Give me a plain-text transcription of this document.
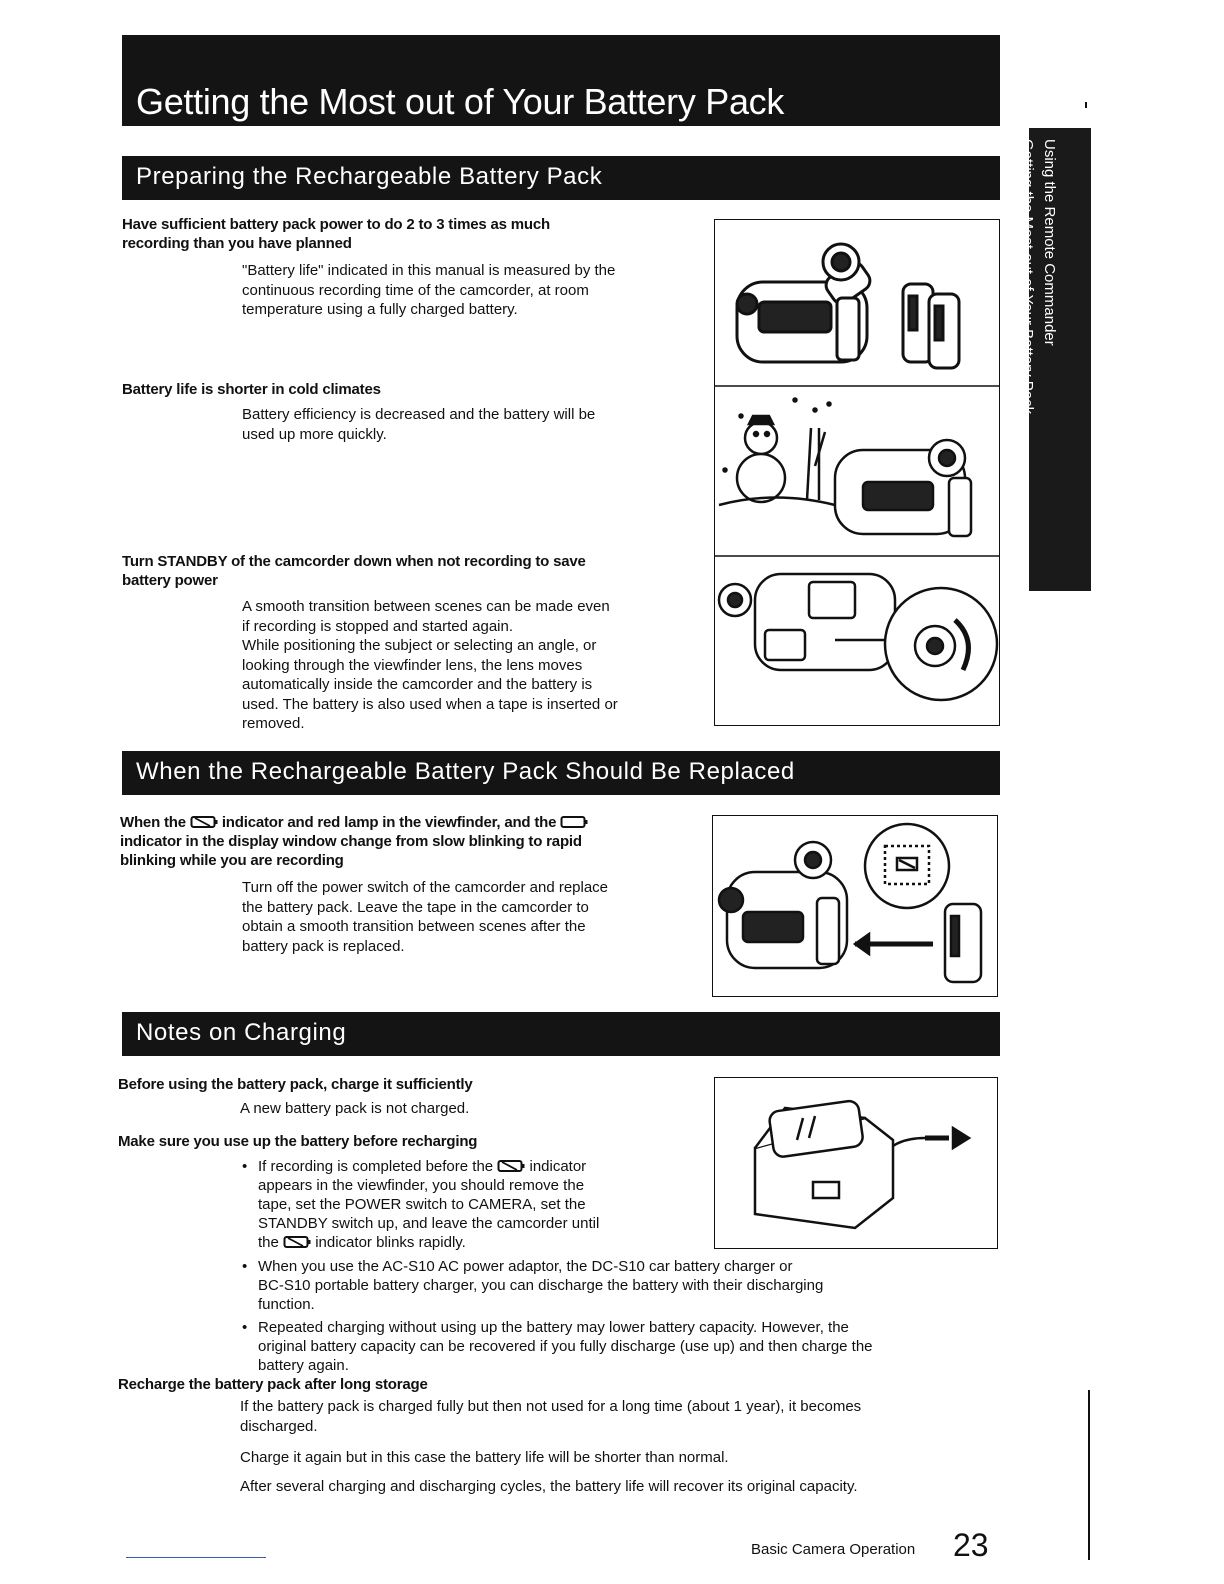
Getting the Most out of Your Battery Pack
Using the Remote Commander
Getting the Most out of Your Battery Pack
Preparing the Rechargeable Battery Pack
Have sufficient battery pack power to do 2 to 3 times as much
recording than you have planned
"Battery life" indicated in this manual is measured by the
continuous recording time of the camcorder, at room
temperature using a fully charged battery.
Battery life is shorter in cold climates
Battery efficiency is decreased and the battery will be
used up more quickly.
Turn STANDBY of the camcorder down when not recording to save
battery power
A smooth transition between scenes can be made even
if recording is stopped and started again.
While positioning the subject or selecting an angle, or
looking through the viewfinder lens, the lens moves
automatically inside the camcorder and the battery is
used. The battery is also used when a tape is inserted or
removed.
When the Rechargeable Battery Pack Should Be Replaced
When the indicator and red lamp in the viewfinder, and the
indicator in the display window change from slow blinking to rapid
blinking while you are recording
Turn off the power switch of the camcorder and replace
the battery pack. Leave the tape in the camcorder to
obtain a smooth transition between scenes after the
battery pack is replaced.
Notes on Charging
Before using the battery pack, charge it sufficiently
A new battery pack is not charged.
Make sure you use up the battery before recharging
• If recording is completed before the indicator
appears in the viewfinder, you should remove the
tape, set the POWER switch to CAMERA, set the
STANDBY switch up, and leave the camcorder until
the indicator blinks rapidly.
• When you use the AC-S10 AC power adaptor, the DC-S10 car battery charger or
BC-S10 portable battery charger, you can discharge the battery with their discharging
function.
• Repeated charging without using up the battery may lower battery capacity. However, the
original battery capacity can be recovered if you fully discharge (use up) and then charge the
battery again.
Recharge the battery pack after long storage
If the battery pack is charged fully but then not used for a long time (about 1 year), it becomes
discharged.
Charge it again but in this case the battery life will be shorter than normal.
After several charging and discharging cycles, the battery life will recover its original capacity.
Basic Camera Operation 23
